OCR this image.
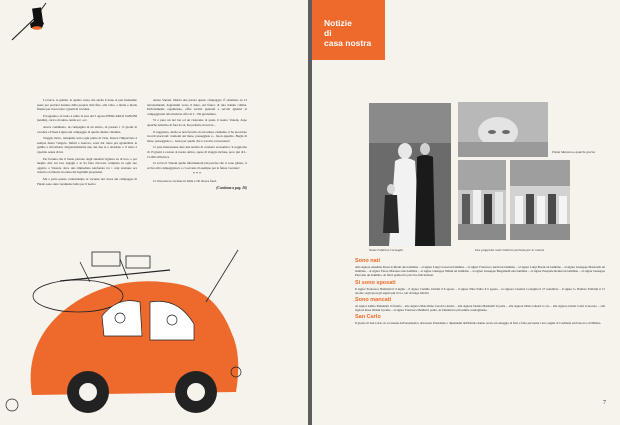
La barca, le gambe, le quattro ruote, ma anche il treno si può benissimo usare per portarsi lontano dalla propria città fino, alle volte, a molte e molte finaste per trascorrere i giorni di vacanza.

Ed appunto col treno è salito la sera del 5 agosto PIERCARLO VANONI (anulin), carico di zaino, tenda ecc. ecc.

Aveva combinato, in compagnia di un amico, di passare i 15 giorni di vacanza a Finale Ligure nel campeggio di quella ridente cittadina.

Viaggio liscio, tranquillo sotto ogni punto di vista. Invece l'imprevisto è sempre dietro l'angolo. Infatti a Genova, scesi dal treno per sgranchirsi le gambe e rifocillarsi, disgraziatamente uno dei due si è attardato e il treno è ripartito senza di lui.

Per fortuna che il Santo patrono degli studenti vigilava su di loro, e per meglio dire sui loro bagagli e lo ha fatto ritrovare completo in ogni suo oggetto a Varazze dove una immediata telefonata tra i capi stazione era riuscita a fermarlo in attesa dei legittimi proprietari.

Ma a parte questo contrattempo le vacanze nel cuore del campeggio di Finale sono state veramente belle per il nostro

autore Vanoni. Merita una parola questo campeggio. È sistemato su 13 terrazzamenti, degradanti verso il mare, sul fianco di una ridente collina. Perfettamente organizzato, offre servizi generali e servizi igienici ai campeggiatori alla modesta cifra di L. 150 giornaliere.

Vi è pure un bel bar ed un ristorante al quale il nostro Vanoni, dopo qualche tentativo di fare da sé, ha preferito ricorrere...

Il soggiorno, anche se non favorito da un tempo clemente, ti ha procurato ricordi piacevoli: tramonti sul mare, passeggiate e... buon appetito. Bagni di mare, passeggiate e... basta per quello che è a nostra conoscenza!

Ci pare interessante dare una notizia di carattere economico: il soggiorno di 15 giorni è costato al nostro amico, spese di viaggio incluse, poco più di L. 15.000 all'incirca.

Ci scriva il Vanoni quelle informazioni più precise che ci sono giunte, ci scriva altri campeggiatori, e ci servano di esempio per le future vacanze!

* * *

Ci chi passa le vacanze in Italia e chi invece fuori.

(Continua a pag. 26)
7
Notizie
di
casa nostra
Nozze Fabbrini-Cornaglia
Emma Marzano a qualche giorno
Due gruppi dei nostri bimbi in partenza per le colonie
Sono nati
Alla signora Anselma Rossi la Monti una bambina – al signor Luigi Grossi un bambino – al signor Francesco Aletti un bambino – al signor Luigi Pisoni un bambino – al signor Giuseppe Mariscelli un bambino – al signor Ettore Marzano una bambina – al signor Giuseppe Milani un bambino – al signor Giuseppe Bergamelli una bambina – al signor Pasquale Romei un bambino – al signor Giuseppe Pirovano un bambino. Ai felici genitori le più vive felicitazioni.
Si sono sposati
Il signor Francesco Battistini il 9 luglio – il signor Camillo Zerbini il 6 agosto – il signor Nino Falbo il 6 agosto – la signora Caterina Cornaglia il 27 settembre – il signor G. Battista Fabbrini il 15 ottobre. Agli sposi gli auguri più vivi e cari di lunga felicità.
Sono mancati
Al signor Attilio Pallanzini il fratello – alla signora Marcellina Ceroli la madre – alla signora Donna Martinelli il padre – alla signora Maria Ghezzi lo zio – alla signora Giulia Conti il suocero – alla signora Rosa Oldani il padre – al signor Francesco Bellini il padre. Ai familiari le più sentite condoglianze.
San Carlo
Il giorno di San Carlo, in occasione dell'onomastico del nostro Presidente, i dipendenti dell'Istituto hanno recato un omaggio di fiori e fatto pervenire i loro auguri al Cardinale Arcivescovo di Milano.
